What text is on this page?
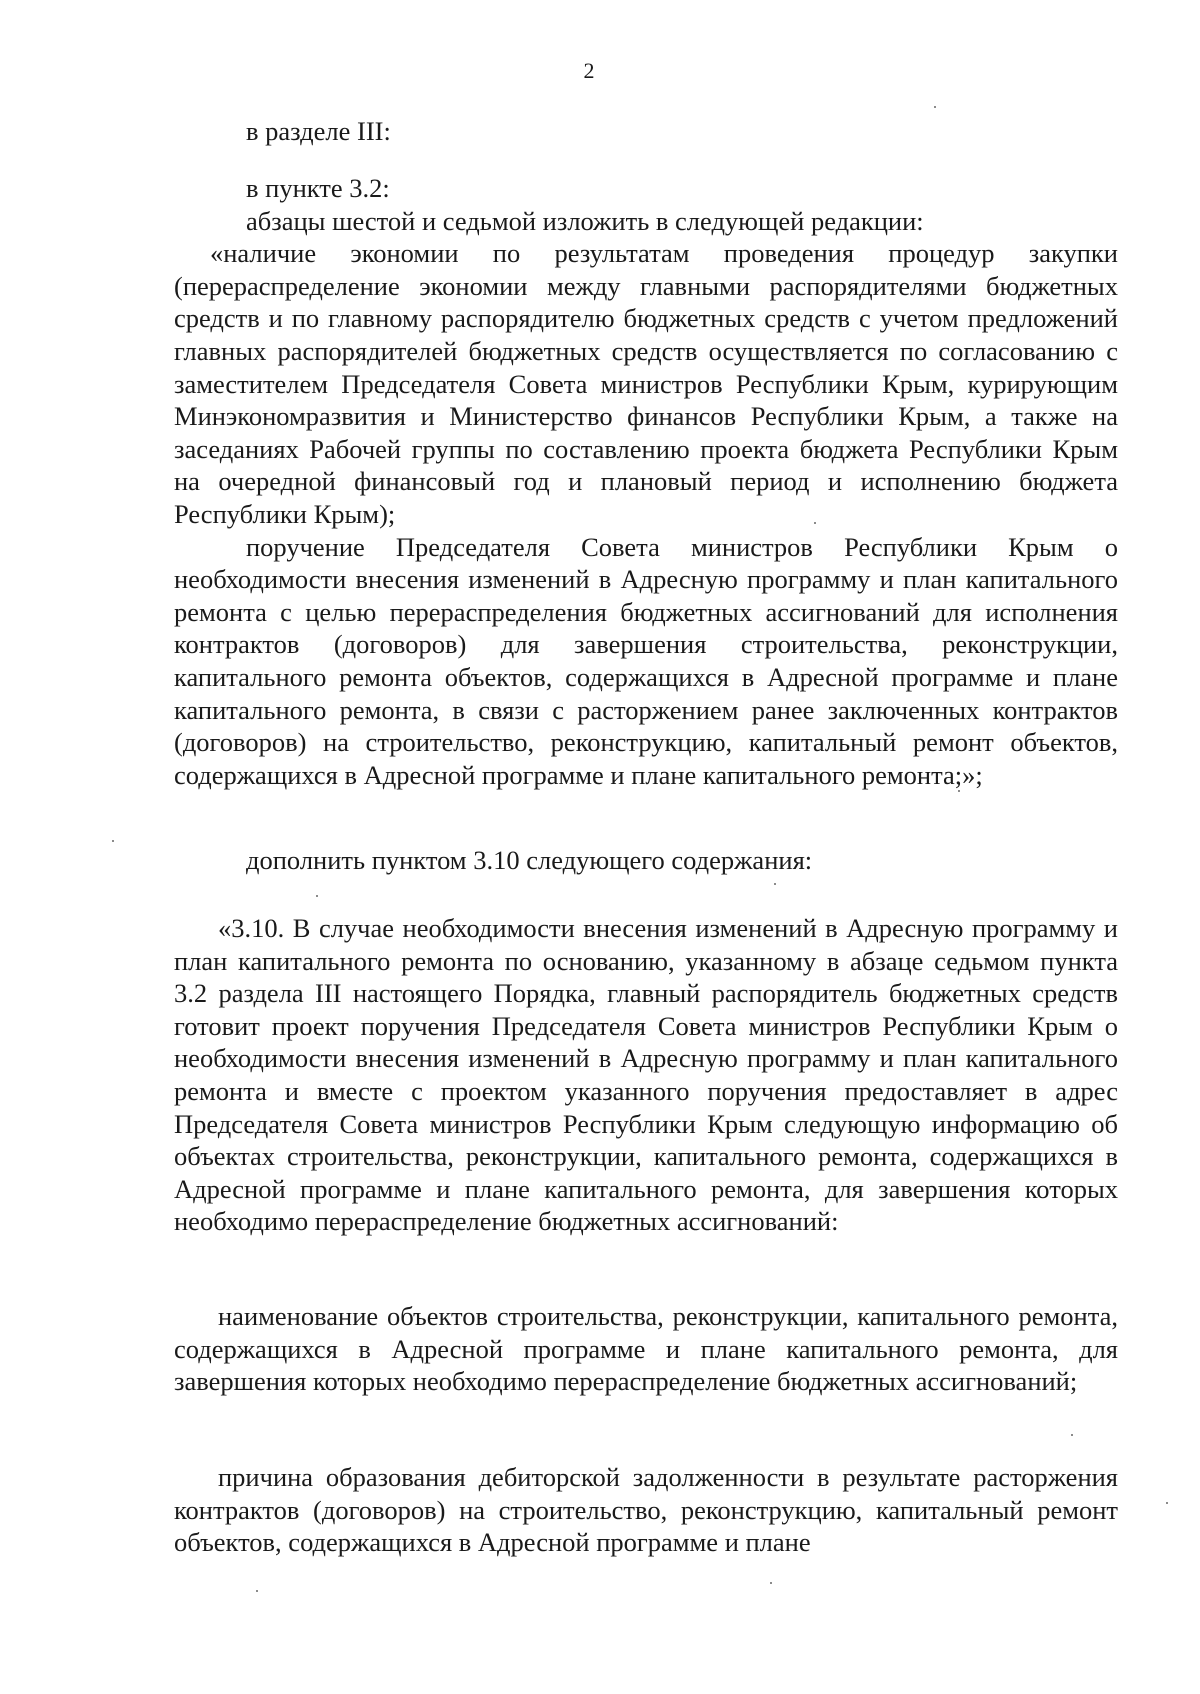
2

в разделе III:

в пункте 3.2:

абзацы шестой и седьмой изложить в следующей редакции:

«наличие экономии по результатам проведения процедур закупки (перераспределение экономии между главными распорядителями бюджетных средств и по главному распорядителю бюджетных средств с учетом предложений главных распорядителей бюджетных средств осуществляется по согласованию с заместителем Председателя Совета министров Республики Крым, курирующим Минэкономразвития и Министерство финансов Республики Крым, а также на заседаниях Рабочей группы по составлению проекта бюджета Республики Крым на очередной финансовый год и плановый период и исполнению бюджета Республики Крым);

поручение Председателя Совета министров Республики Крым о необходимости внесения изменений в Адресную программу и план капитального ремонта с целью перераспределения бюджетных ассигнований для исполнения контрактов (договоров) для завершения строительства, реконструкции, капитального ремонта объектов, содержащихся в Адресной программе и плане капитального ремонта, в связи с расторжением ранее заключенных контрактов (договоров) на строительство, реконструкцию, капитальный ремонт объектов, содержащихся в Адресной программе и плане капитального ремонта;»;

дополнить пунктом 3.10 следующего содержания:

«3.10. В случае необходимости внесения изменений в Адресную программу и план капитального ремонта по основанию, указанному в абзаце седьмом пункта 3.2 раздела III настоящего Порядка, главный распорядитель бюджетных средств готовит проект поручения Председателя Совета министров Республики Крым о необходимости внесения изменений в Адресную программу и план капитального ремонта и вместе с проектом указанного поручения предоставляет в адрес Председателя Совета министров Республики Крым следующую информацию об объектах строительства, реконструкции, капитального ремонта, содержащихся в Адресной программе и плане капитального ремонта, для завершения которых необходимо перераспределение бюджетных ассигнований:

наименование объектов строительства, реконструкции, капитального ремонта, содержащихся в Адресной программе и плане капитального ремонта, для завершения которых необходимо перераспределение бюджетных ассигнований;

причина образования дебиторской задолженности в результате расторжения контрактов (договоров) на строительство, реконструкцию, капитальный ремонт объектов, содержащихся в Адресной программе и плане
